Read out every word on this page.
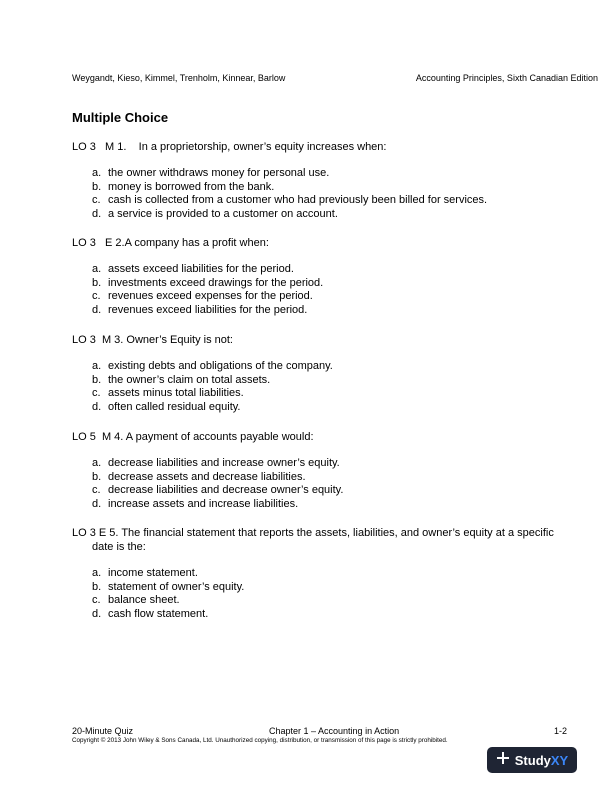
Weygandt, Kieso, Kimmel, Trenholm, Kinnear, Barlow	Accounting Principles, Sixth Canadian Edition
Multiple Choice
LO 3   M 1.    In a proprietorship, owner’s equity increases when:
a. the owner withdraws money for personal use.
b. money is borrowed from the bank.
c. cash is collected from a customer who had previously been billed for services.
d. a service is provided to a customer on account.
LO 3   E 2.A company has a profit when:
a. assets exceed liabilities for the period.
b. investments exceed drawings for the period.
c. revenues exceed expenses for the period.
d. revenues exceed liabilities for the period.
LO 3  M 3. Owner’s Equity is not:
a. existing debts and obligations of the company.
b. the owner’s claim on total assets.
c. assets minus total liabilities.
d. often called residual equity.
LO 5  M 4. A payment of accounts payable would:
a. decrease liabilities and increase owner’s equity.
b. decrease assets and decrease liabilities.
c. decrease liabilities and decrease owner’s equity.
d. increase assets and increase liabilities.
LO 3 E 5. The financial statement that reports the assets, liabilities, and owner’s equity at a specific date is the:
a. income statement.
b. statement of owner’s equity.
c. balance sheet.
d. cash flow statement.
20-Minute Quiz	Chapter 1 – Accounting in Action	1-2
Copyright © 2013 John Wiley & Sons Canada, Ltd. Unauthorized copying, distribution, or transmission of this page is strictly prohibited.
Study XY
